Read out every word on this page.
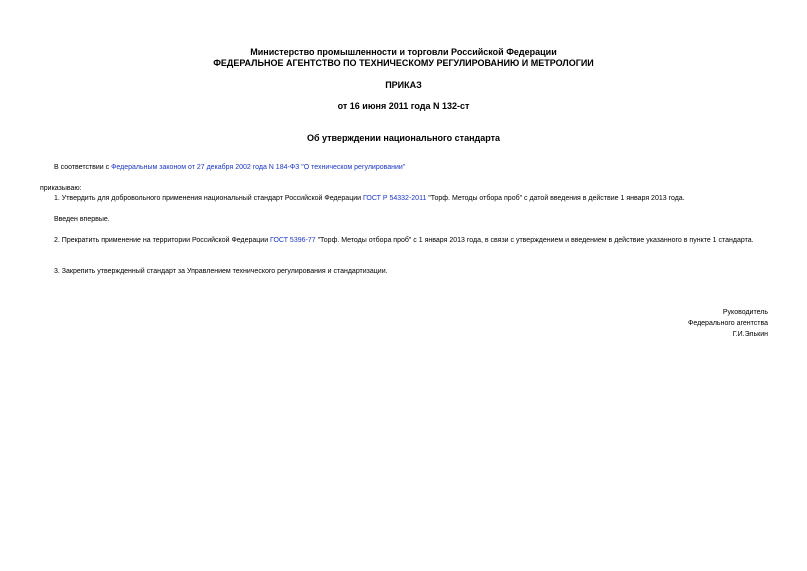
Министерство промышленности и торговли Российской Федерации
ФЕДЕРАЛЬНОЕ АГЕНТСТВО ПО ТЕХНИЧЕСКОМУ РЕГУЛИРОВАНИЮ И МЕТРОЛОГИИ
ПРИКАЗ
от 16 июня 2011 года N 132-ст
Об утверждении национального стандарта
В соответствии с Федеральным законом от 27 декабря 2002 года N 184-ФЗ "О техническом регулировании"
приказываю:
1. Утвердить для добровольного применения национальный стандарт Российской Федерации ГОСТ Р 54332-2011 "Торф. Методы отбора проб" с датой введения в действие 1 января 2013 года.
Введен впервые.
2. Прекратить применение на территории Российской Федерации ГОСТ 5396-77 "Торф. Методы отбора проб" с 1 января 2013 года, в связи с утверждением и введением в действие указанного в пункте 1 стандарта.
3. Закрепить утвержденный стандарт за Управлением технического регулирования и стандартизации.
Руководитель
Федерального агентства
Г.И.Элькин
